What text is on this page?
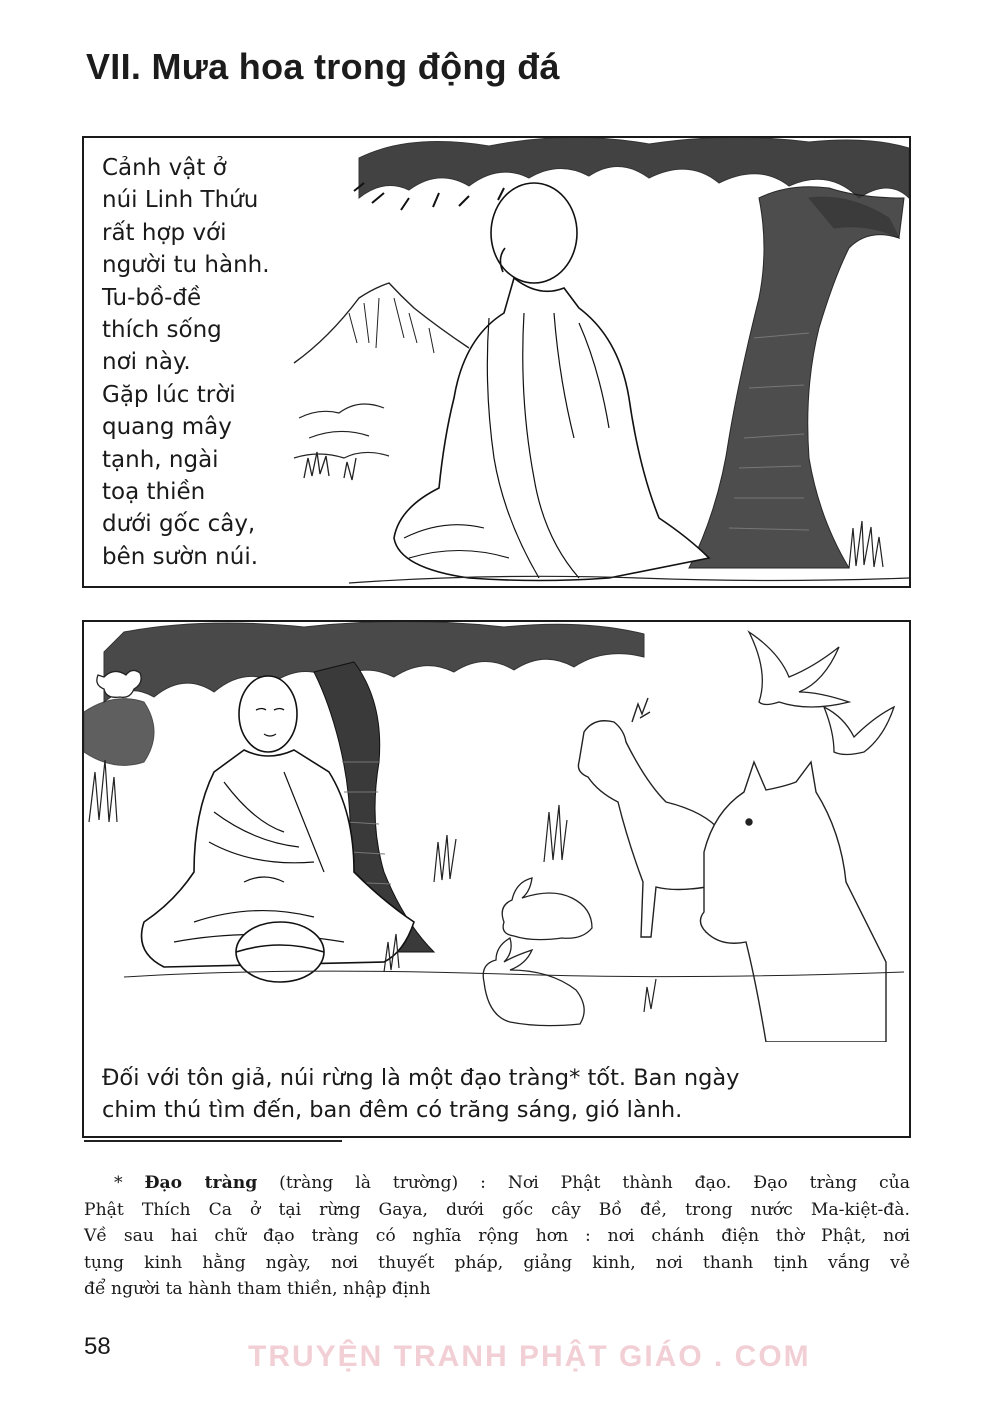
VII. Mưa hoa trong động đá
Cảnh vật ở
núi Linh Thứu
rất hợp với
người tu hành.
Tu-bồ-đề
thích sống
nơi này.
Gặp lúc trời
quang mây
tạnh, ngài
toạ thiền
dưới gốc cây,
bên sườn núi.
Đối với tôn giả, núi rừng là một đạo tràng* tốt. Ban ngày
chim thú tìm đến, ban đêm có trăng sáng, gió lành.
* Đạo tràng (tràng là trường) : Nơi Phật thành đạo. Đạo tràng của
Phật Thích Ca ở tại rừng Gaya, dưới gốc cây Bồ đề, trong nước Ma-kiệt-đà.
Về sau hai chữ đạo tràng có nghĩa rộng hơn : nơi chánh điện thờ Phật, nơi
tụng kinh hằng ngày, nơi thuyết pháp, giảng kinh, nơi thanh tịnh vắng vẻ
để người ta hành tham thiền, nhập định
58	TRUYỆN TRANH PHẬT GIÁO . COM
